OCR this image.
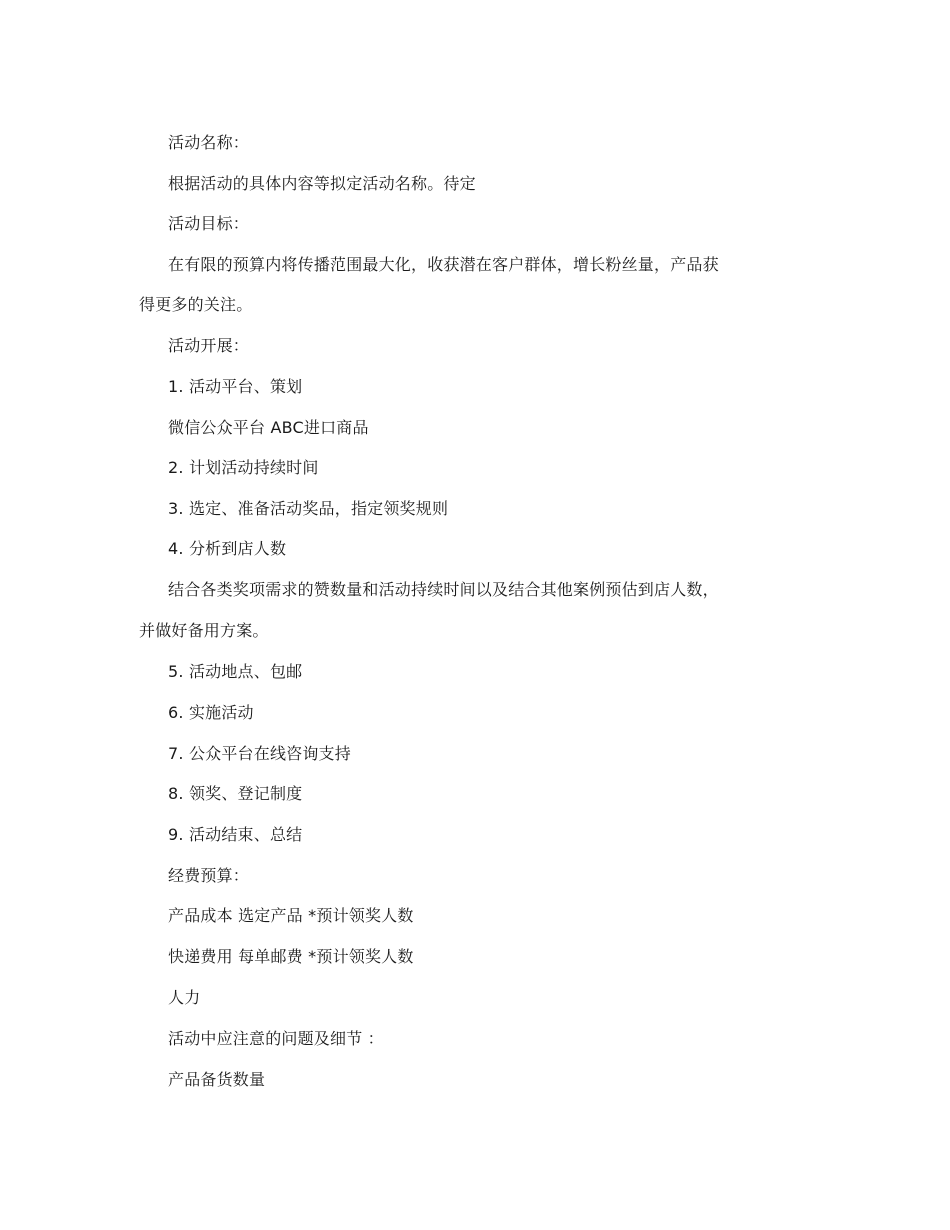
活动名称：
根据活动的具体内容等拟定活动名称。待定
活动目标：
在有限的预算内将传播范围最大化，收获潜在客户群体，增长粉丝量，产品获
得更多的关注。
活动开展：
1. 活动平台、策划
微信公众平台 ABC进口商品
2. 计划活动持续时间
3. 选定、准备活动奖品，指定领奖规则
4. 分析到店人数
结合各类奖项需求的赞数量和活动持续时间以及结合其他案例预估到店人数，
并做好备用方案。
5. 活动地点、包邮
6. 实施活动
7. 公众平台在线咨询支持
8. 领奖、登记制度
9. 活动结束、总结
经费预算：
产品成本 选定产品 *预计领奖人数
快递费用 每单邮费 *预计领奖人数
人力
活动中应注意的问题及细节 ：
产品备货数量
